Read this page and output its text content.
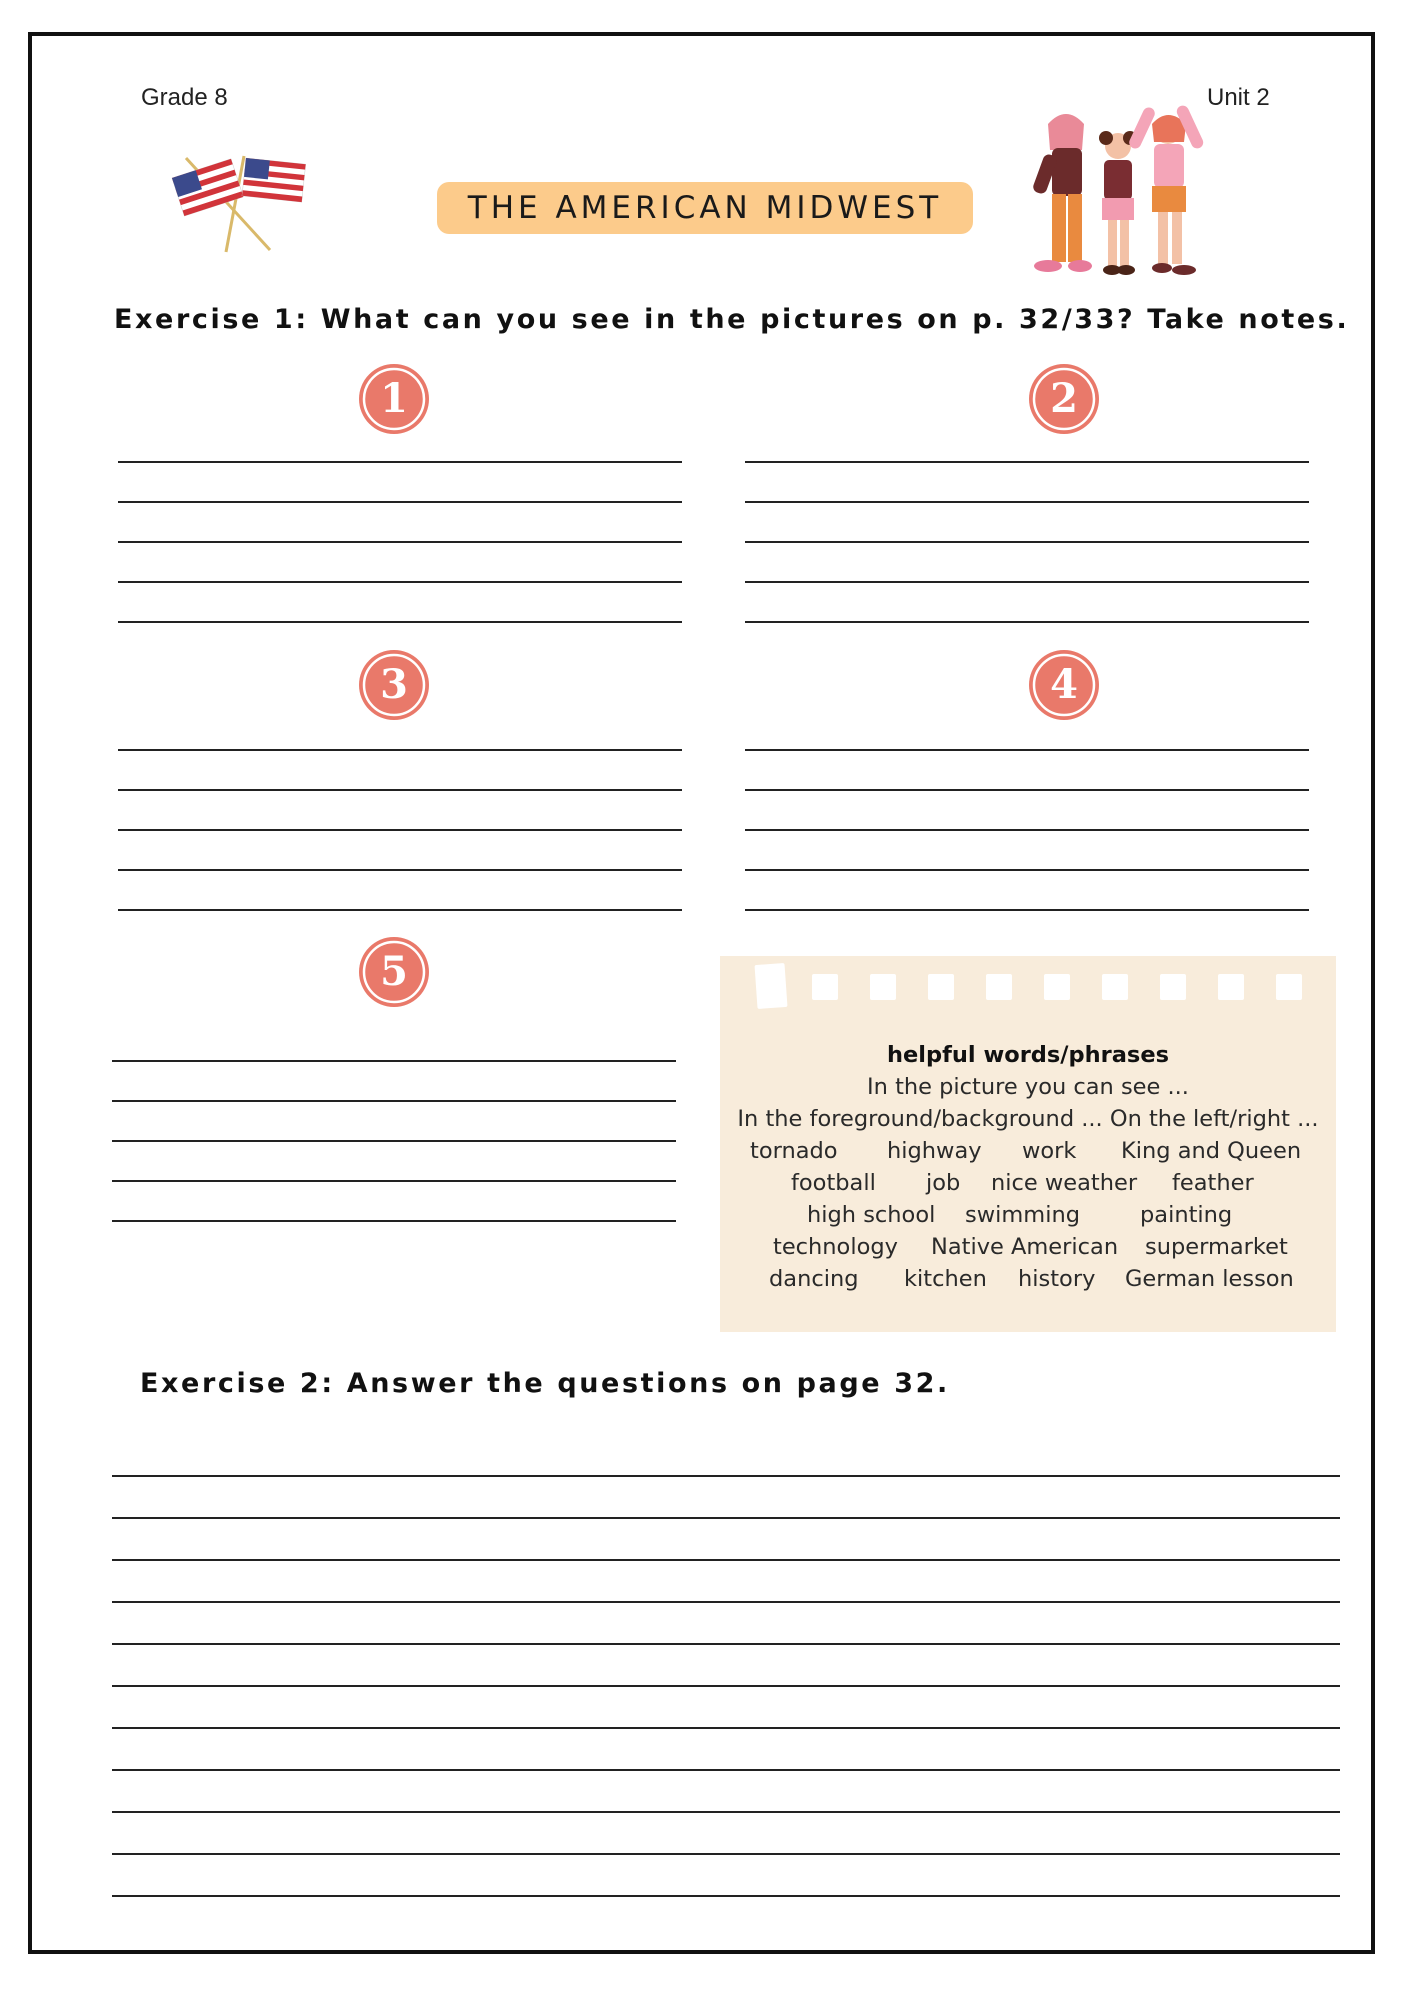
Grade 8	Unit 2
THE AMERICAN MIDWEST
Exercise 1: What can you see in the pictures on p. 32/33? Take notes.
1	2
3	4
5
helpful words/phrases
In the picture you can see ...
In the foreground/background ... On the left/right ...
tornado highway work King and Queen
football job nice weather feather
high school swimming	painting
technology Native American supermarket
dancing kitchen history German lesson
Exercise 2: Answer the questions on page 32.
